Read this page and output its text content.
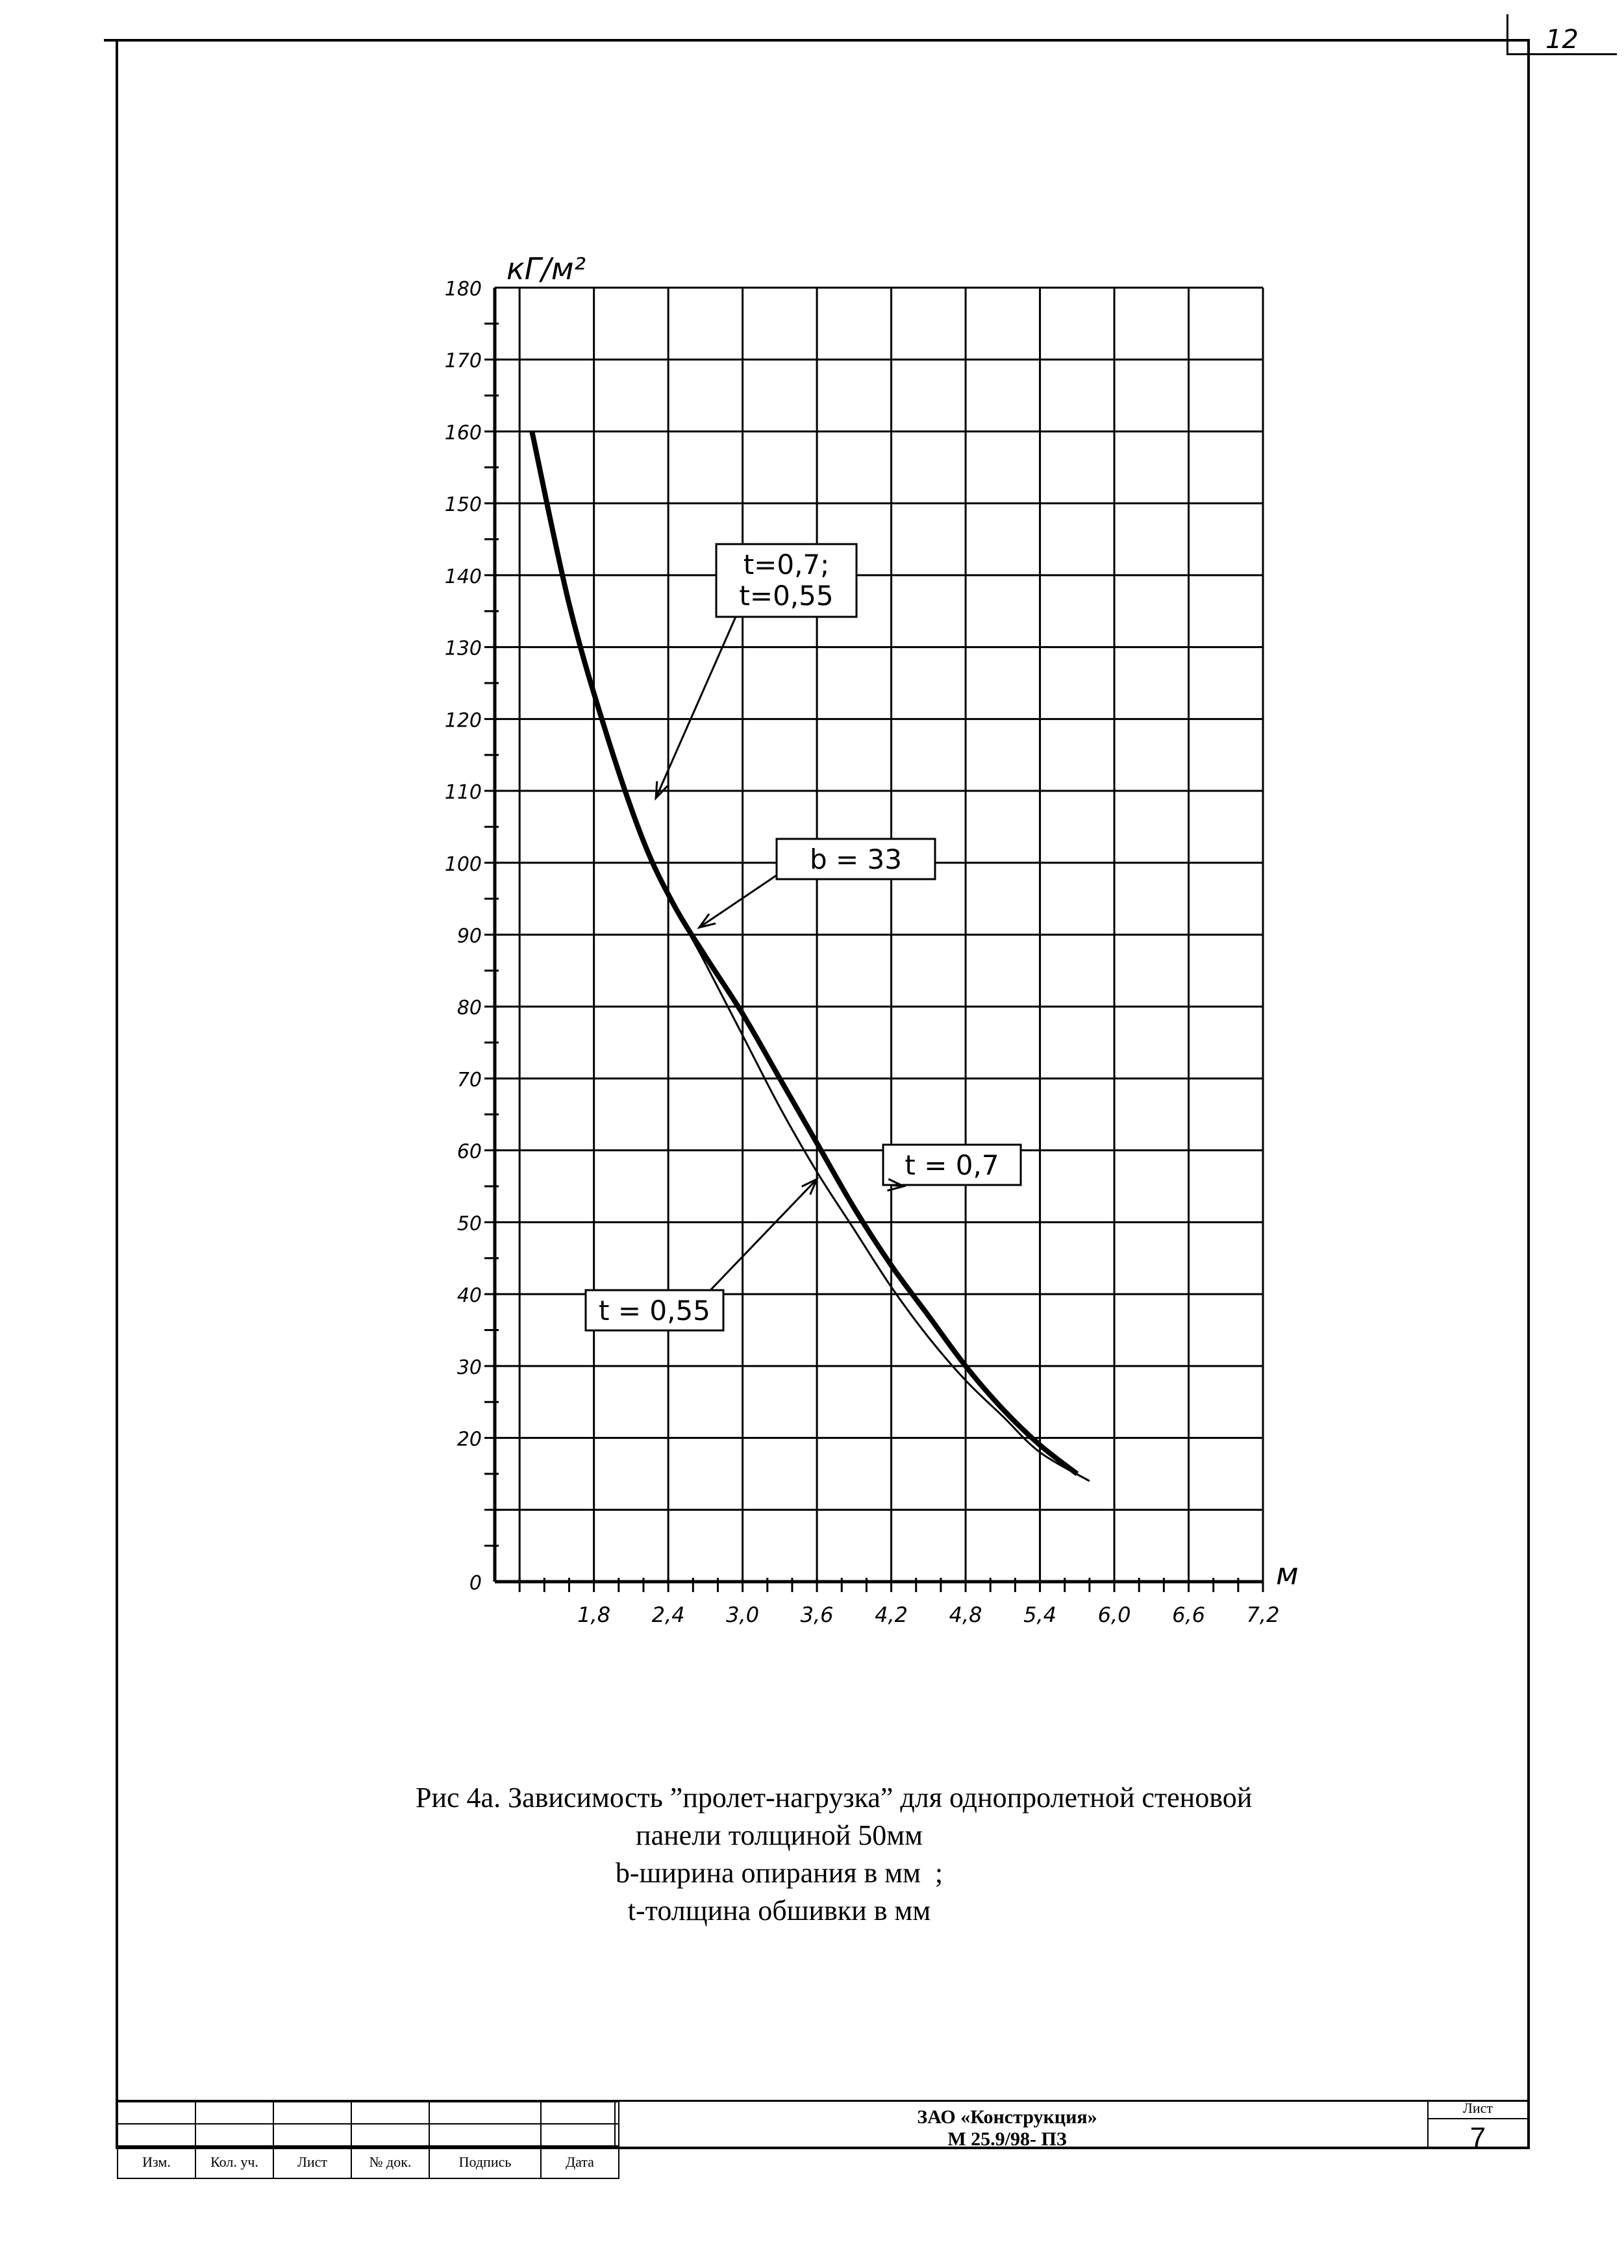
12
0
20
30
40
50
60
70
80
90
100
110
120
130
140
150
160
170
180
1,8 2,4 3,0 3,6 4,2 4,8 5,4 6,0 6,6 7,2
t=0,7;
t=0,55
b = 33
t = 0,7
t = 0,55
кГ/м²
м
Рис 4а. Зависимость ”пролет-нагрузка” для однопролетной стеновой
панели толщиной 50мм
b-ширина опирания в мм  ;
t-толщина обшивки в мм

Изм.	Кол. уч.	Лист	№ док.	Подпись	Дата
ЗАО «Конструкция»
М 25.9/98- ПЗ
Лист
7
